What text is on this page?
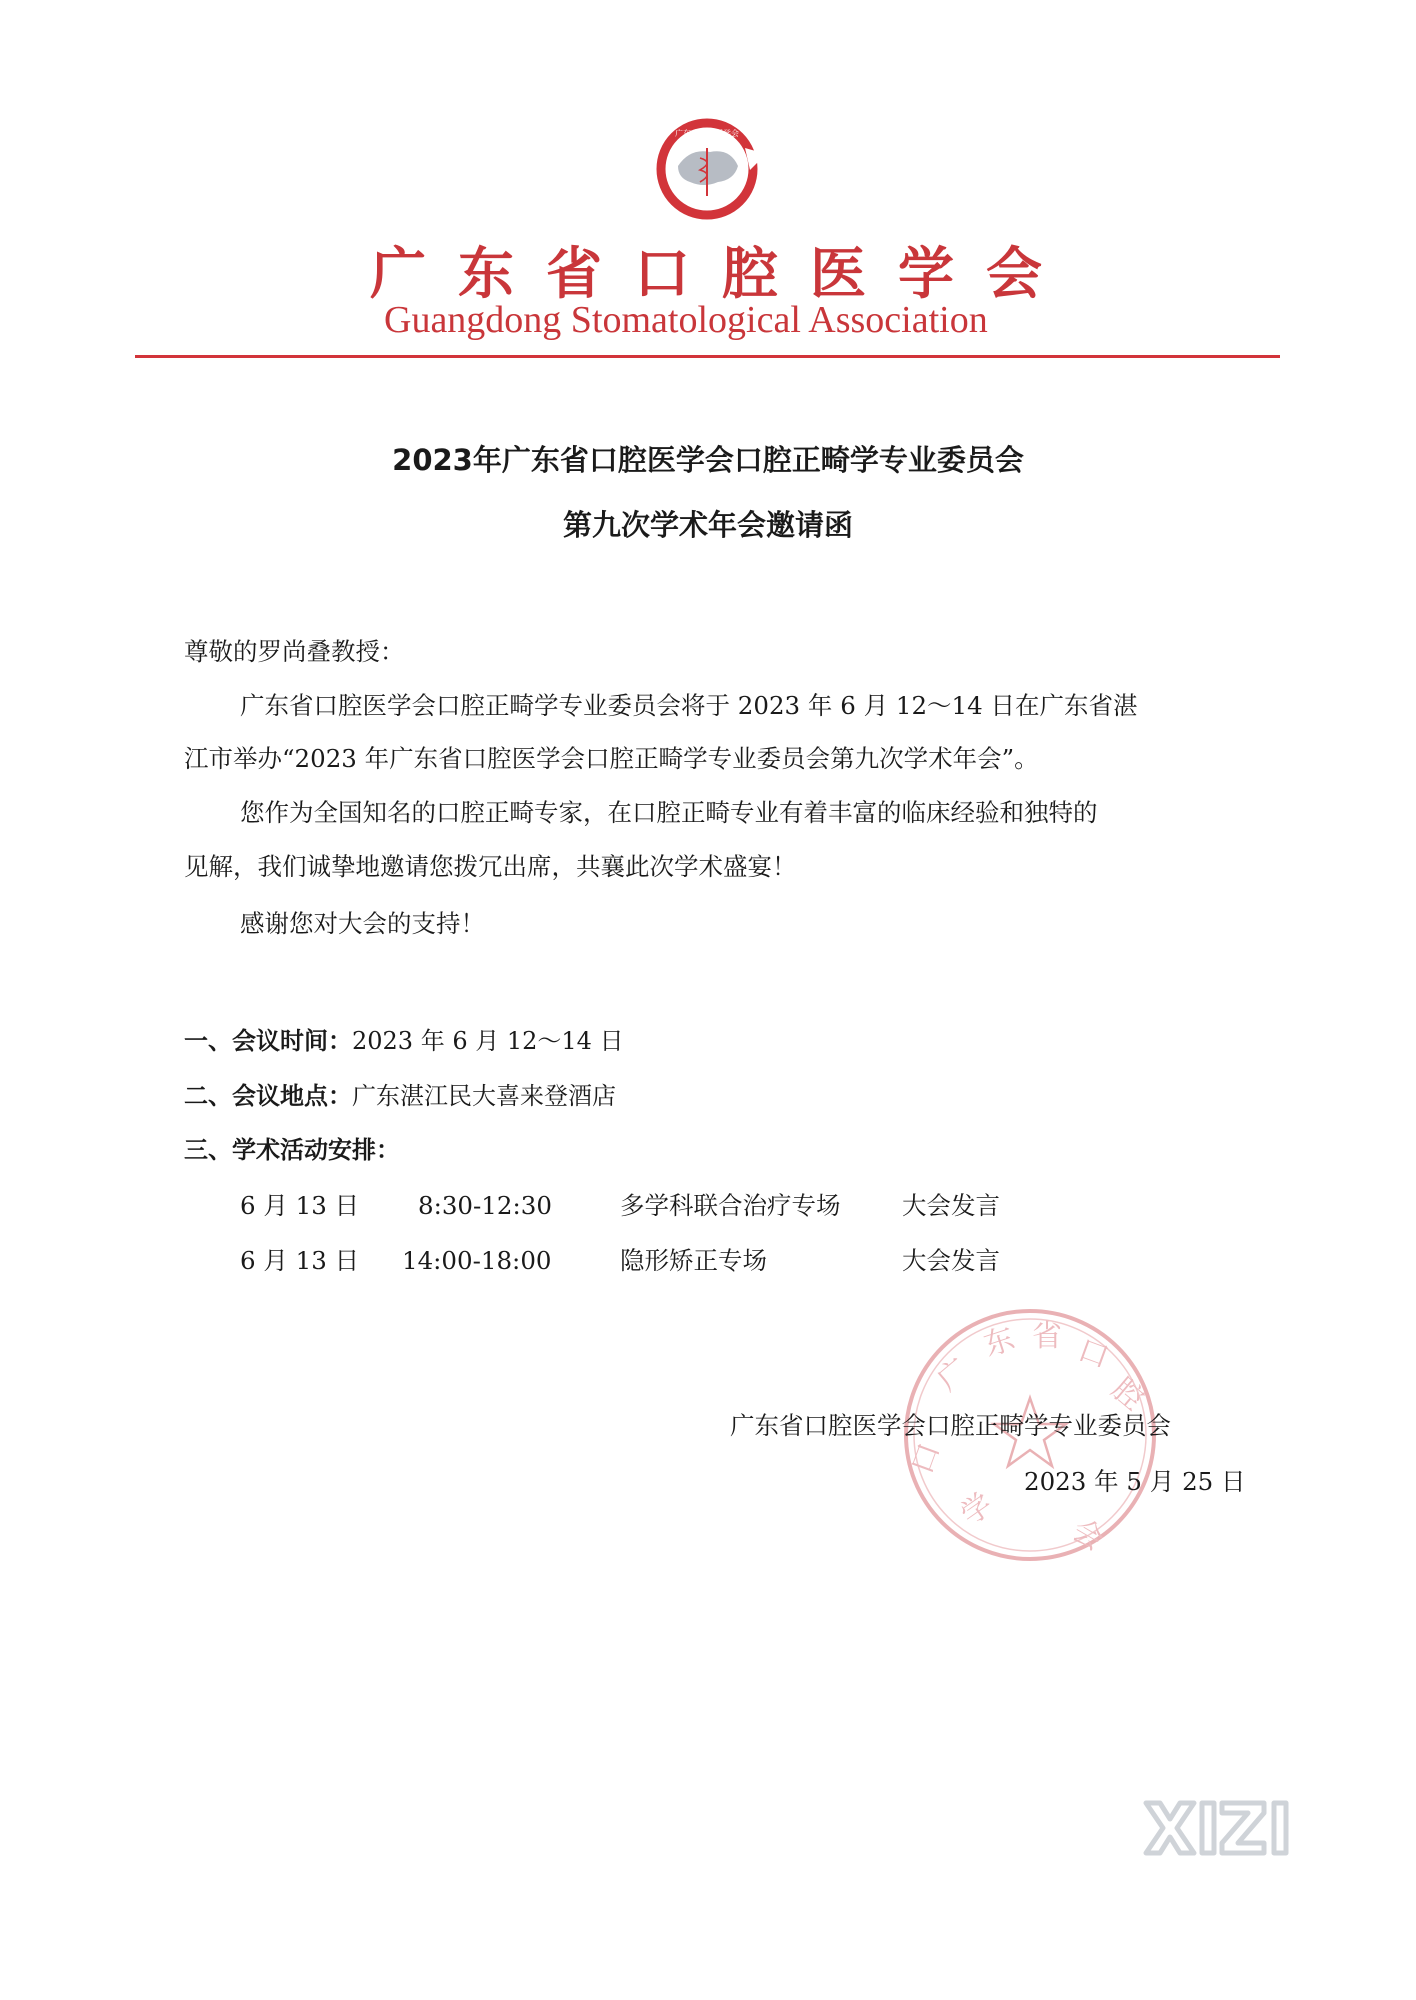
广东省口腔医学会
广东省口腔医学会
Guangdong Stomatological Association
2023年广东省口腔医学会口腔正畸学专业委员会
第九次学术年会邀请函
尊敬的罗尚叠教授：
广东省口腔医学会口腔正畸学专业委员会将于 2023 年 6 月 12～14 日在广东省湛
江市举办“2023 年广东省口腔医学会口腔正畸学专业委员会第九次学术年会”。
您作为全国知名的口腔正畸专家，在口腔正畸专业有着丰富的临床经验和独特的
见解，我们诚挚地邀请您拨冗出席，共襄此次学术盛宴！
感谢您对大会的支持！
一、会议时间：2023 年 6 月 12～14 日
二、会议地点：广东湛江民大喜来登酒店
三、学术活动安排：
6 月 13 日 8:30-12:30	多学科联合治疗专场	大会发言
6 月 13 日 14:00-18:00	隐形矫正专场	大会发言
广
东 省 口
腔
口
学
会
广东省口腔医学会口腔正畸学专业委员会
2023 年 5 月 25 日
